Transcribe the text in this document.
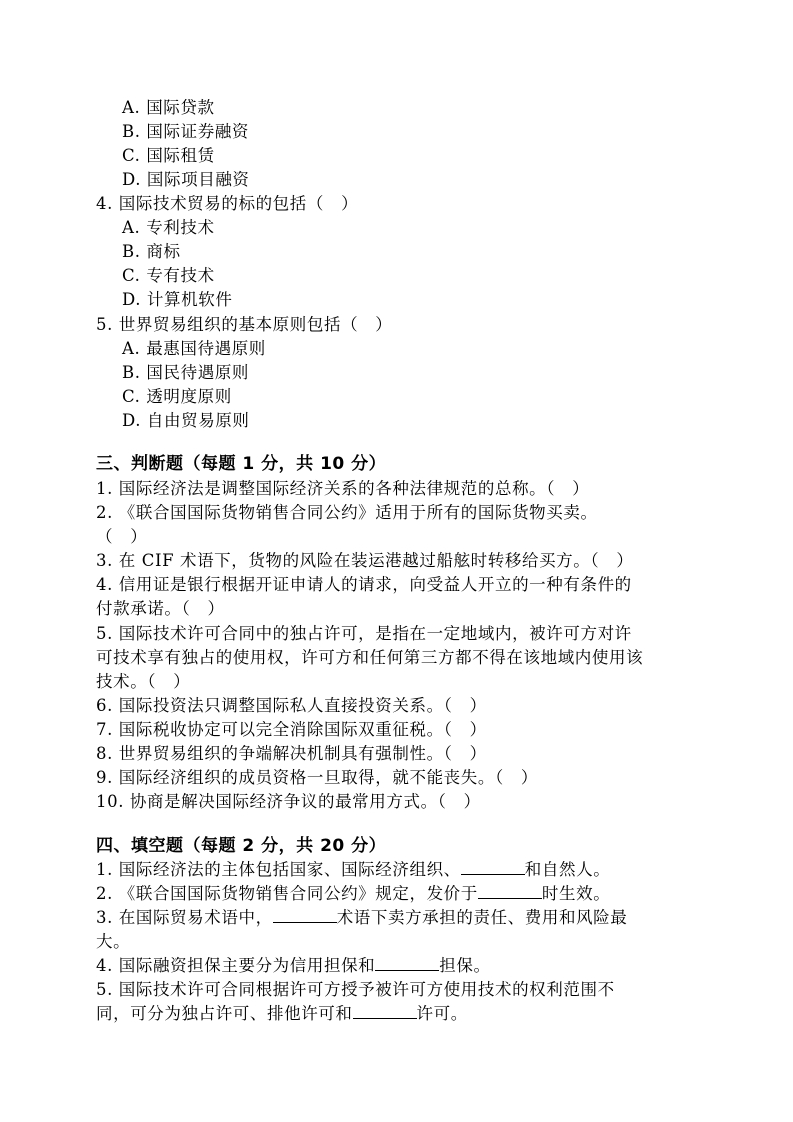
A. 国际贷款
B. 国际证券融资
C. 国际租赁
D. 国际项目融资
4. 国际技术贸易的标的包括（　）
A. 专利技术
B. 商标
C. 专有技术
D. 计算机软件
5. 世界贸易组织的基本原则包括（　）
A. 最惠国待遇原则
B. 国民待遇原则
C. 透明度原则
D. 自由贸易原则
三、判断题（每题 1 分，共 10 分）
1. 国际经济法是调整国际经济关系的各种法律规范的总称。（　）
2. 《联合国国际货物销售合同公约》适用于所有的国际货物买卖。
（　）
3. 在 CIF 术语下，货物的风险在装运港越过船舷时转移给买方。（　）
4. 信用证是银行根据开证申请人的请求，向受益人开立的一种有条件的
付款承诺。（　）
5. 国际技术许可合同中的独占许可，是指在一定地域内，被许可方对许
可技术享有独占的使用权，许可方和任何第三方都不得在该地域内使用该
技术。（　）
6. 国际投资法只调整国际私人直接投资关系。（　）
7. 国际税收协定可以完全消除国际双重征税。（　）
8. 世界贸易组织的争端解决机制具有强制性。（　）
9. 国际经济组织的成员资格一旦取得，就不能丧失。（　）
10. 协商是解决国际经济争议的最常用方式。（　）
四、填空题（每题 2 分，共 20 分）
1. 国际经济法的主体包括国家、国际经济组织、	和自然人。
2. 《联合国国际货物销售合同公约》规定，发价于	时生效。
3. 在国际贸易术语中，	术语下卖方承担的责任、费用和风险最
大。
4. 国际融资担保主要分为信用担保和	担保。
5. 国际技术许可合同根据许可方授予被许可方使用技术的权利范围不
同，可分为独占许可、排他许可和	许可。
